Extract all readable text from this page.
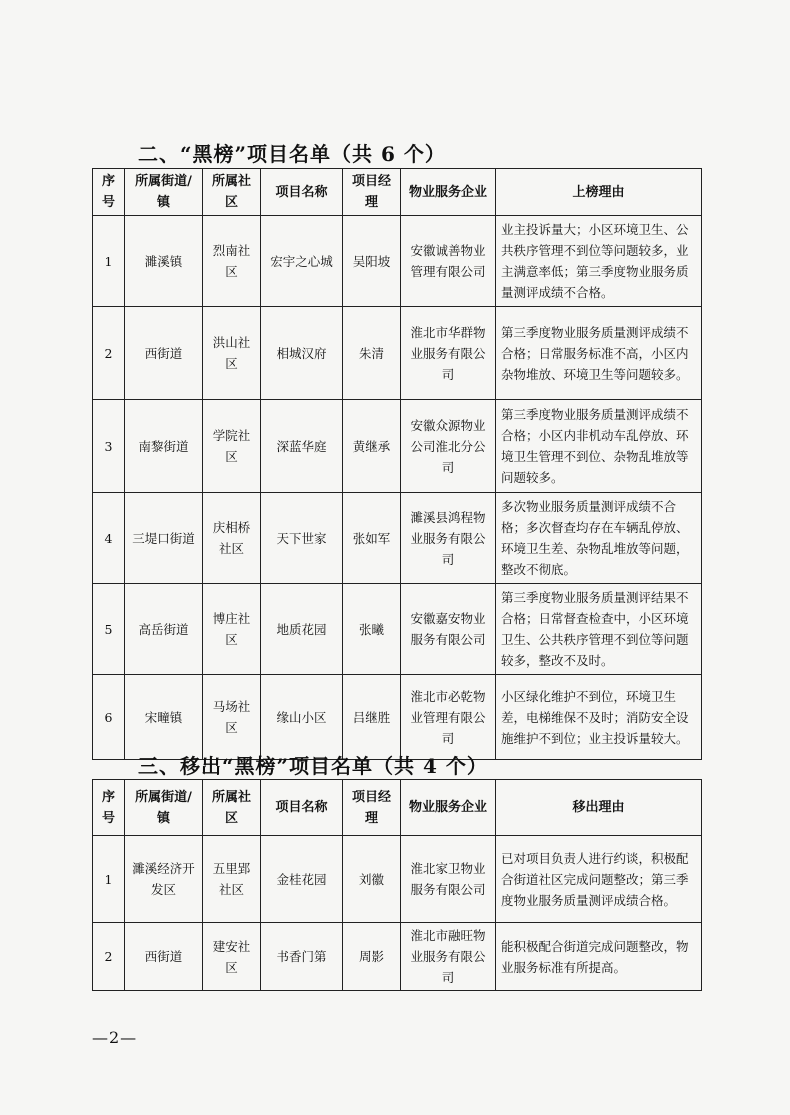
二、“黑榜”项目名单（共 6 个）
序号	所属街道/镇	所属社区	项目名称	项目经理	物业服务企业	上榜理由
1	濉溪镇	烈南社区	宏宇之心城	吴阳坡	安徽诚善物业管理有限公司	业主投诉量大；小区环境卫生、公共秩序管理不到位等问题较多，业主满意率低；第三季度物业服务质量测评成绩不合格。
2	西街道	洪山社区	相城汉府	朱清	淮北市华群物业服务有限公司	第三季度物业服务质量测评成绩不合格；日常服务标准不高，小区内杂物堆放、环境卫生等问题较多。
3	南黎街道	学院社区	深蓝华庭	黄继承	安徽众源物业公司淮北分公司	第三季度物业服务质量测评成绩不合格；小区内非机动车乱停放、环境卫生管理不到位、杂物乱堆放等问题较多。
4	三堤口街道	庆相桥社区	天下世家	张如军	濉溪县鸿程物业服务有限公司	多次物业服务质量测评成绩不合格；多次督查均存在车辆乱停放、环境卫生差、杂物乱堆放等问题，整改不彻底。
5	高岳街道	博庄社区	地质花园	张曦	安徽嘉安物业服务有限公司	第三季度物业服务质量测评结果不合格；日常督查检查中，小区环境卫生、公共秩序管理不到位等问题较多，整改不及时。
6	宋疃镇	马场社区	缘山小区	吕继胜	淮北市必乾物业管理有限公司	小区绿化维护不到位，环境卫生差，电梯维保不及时；消防安全设施维护不到位；业主投诉量较大。
三、移出“黑榜”项目名单（共 4 个）
序号	所属街道/镇	所属社区	项目名称	项目经理	物业服务企业	移出理由
1	濉溪经济开发区	五里郢社区	金桂花园	刘徽	淮北家卫物业服务有限公司	已对项目负责人进行约谈，积极配合街道社区完成问题整改；第三季度物业服务质量测评成绩合格。
2	西街道	建安社区	书香门第	周影	淮北市融旺物业服务有限公司	能积极配合街道完成问题整改，物业服务标准有所提高。
—2—
